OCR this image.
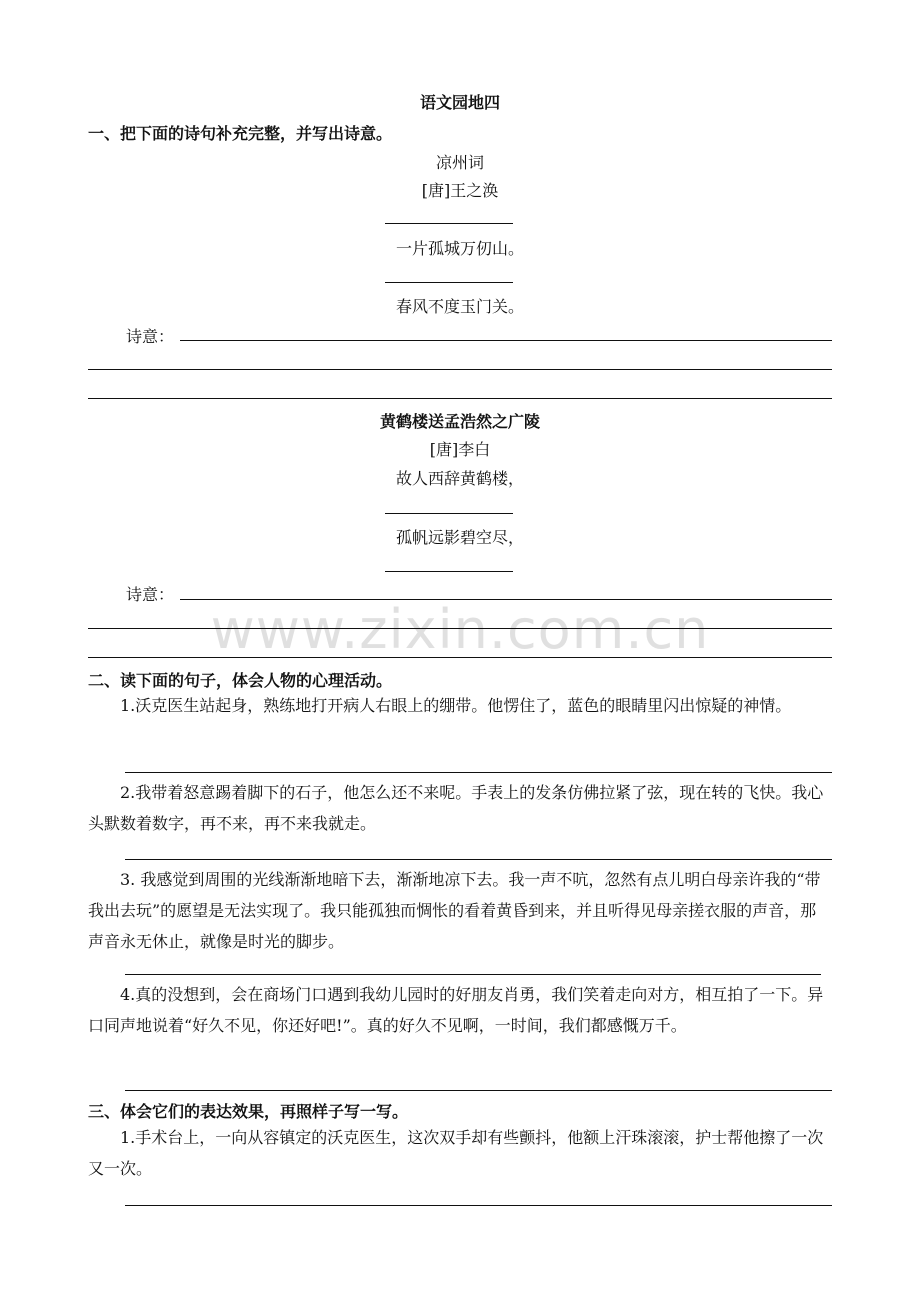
www.zixin.com.cn
语文园地四
一、把下面的诗句补充完整，并写出诗意。
凉州词
[唐]王之涣
一片孤城万仞山。
春风不度玉门关。
诗意：
黄鹤楼送孟浩然之广陵
[唐]李白
故人西辞黄鹤楼，
孤帆远影碧空尽，
诗意：
二、读下面的句子，体会人物的心理活动。
1.沃克医生站起身，熟练地打开病人右眼上的绷带。他愣住了，蓝色的眼睛里闪出惊疑的神情。
2.我带着怒意踢着脚下的石子，他怎么还不来呢。手表上的发条仿佛拉紧了弦，现在转的飞快。我心头默数着数字，再不来，再不来我就走。
3. 我感觉到周围的光线渐渐地暗下去，渐渐地凉下去。我一声不吭，忽然有点儿明白母亲许我的“带我出去玩”的愿望是无法实现了。我只能孤独而惆怅的看着黄昏到来，并且听得见母亲搓衣服的声音，那声音永无休止，就像是时光的脚步。
4.真的没想到，会在商场门口遇到我幼儿园时的好朋友肖勇，我们笑着走向对方，相互拍了一下。异口同声地说着“好久不见，你还好吧!”。真的好久不见啊，一时间，我们都感慨万千。
三、体会它们的表达效果，再照样子写一写。
1.手术台上，一向从容镇定的沃克医生，这次双手却有些颤抖，他额上汗珠滚滚，护士帮他擦了一次又一次。
